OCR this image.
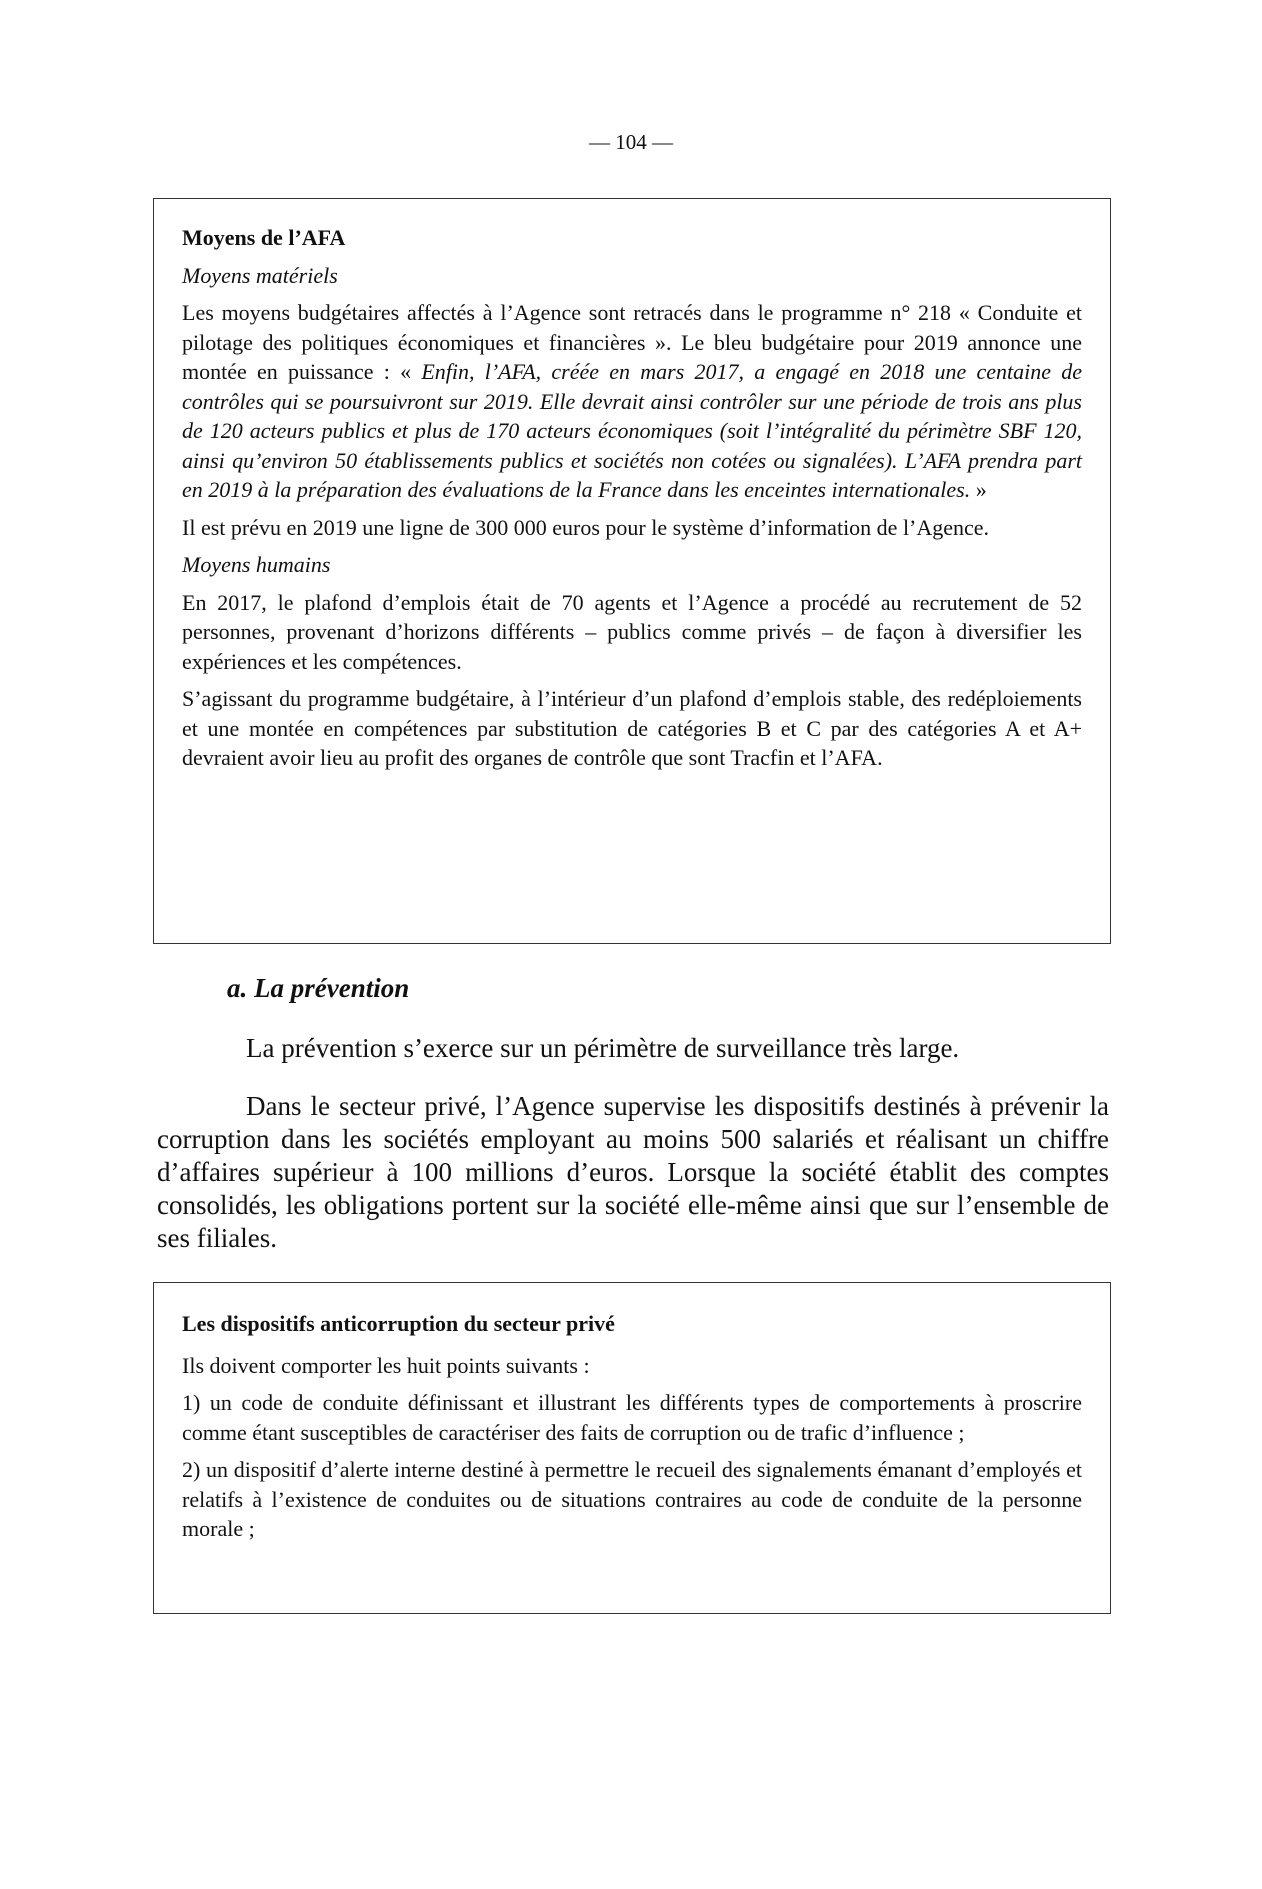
— 104 —

Moyens de l’AFA

Moyens matériels

Les moyens budgétaires affectés à l’Agence sont retracés dans le programme n° 218 « Conduite et pilotage des politiques économiques et financières ». Le bleu budgétaire pour 2019 annonce une montée en puissance : « Enfin, l’AFA, créée en mars 2017, a engagé en 2018 une centaine de contrôles qui se poursuivront sur 2019. Elle devrait ainsi contrôler sur une période de trois ans plus de 120 acteurs publics et plus de 170 acteurs économiques (soit l’intégralité du périmètre SBF 120, ainsi qu’environ 50 établissements publics et sociétés non cotées ou signalées). L’AFA prendra part en 2019 à la préparation des évaluations de la France dans les enceintes internationales. »

Il est prévu en 2019 une ligne de 300 000 euros pour le système d’information de l’Agence.

Moyens humains

En 2017, le plafond d’emplois était de 70 agents et l’Agence a procédé au recrutement de 52 personnes, provenant d’horizons différents – publics comme privés – de façon à diversifier les expériences et les compétences.

S’agissant du programme budgétaire, à l’intérieur d’un plafond d’emplois stable, des redéploiements et une montée en compétences par substitution de catégories B et C par des catégories A et A+ devraient avoir lieu au profit des organes de contrôle que sont Tracfin et l’AFA.

a. La prévention
La prévention s’exerce sur un périmètre de surveillance très large.
Dans le secteur privé, l’Agence supervise les dispositifs destinés à prévenir la corruption dans les sociétés employant au moins 500 salariés et réalisant un chiffre d’affaires supérieur à 100 millions d’euros. Lorsque la société établit des comptes consolidés, les obligations portent sur la société elle-même ainsi que sur l’ensemble de ses filiales.

Les dispositifs anticorruption du secteur privé

Ils doivent comporter les huit points suivants :

1) un code de conduite définissant et illustrant les différents types de comportements à proscrire comme étant susceptibles de caractériser des faits de corruption ou de trafic d’influence ;

2) un dispositif d’alerte interne destiné à permettre le recueil des signalements émanant d’employés et relatifs à l’existence de conduites ou de situations contraires au code de conduite de la personne morale ;
